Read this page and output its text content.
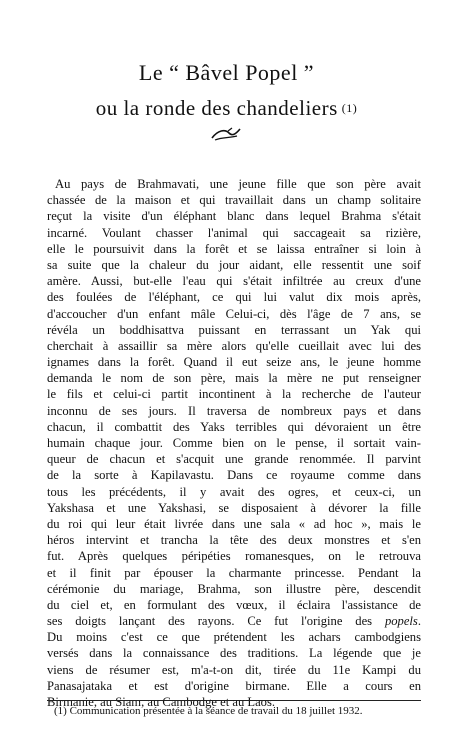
Le “ Bâvel Popel ”
ou la ronde des chandeliers (1)
Au pays de Brahmavati, une jeune fille que son père avait
chassée de la maison et qui travaillait dans un champ solitaire
reçut la visite d'un éléphant blanc dans lequel Brahma s'était
incarné. Voulant chasser l'animal qui saccageait sa rizière,
elle le poursuivit dans la forêt et se laissa entraîner si loin à
sa suite que la chaleur du jour aidant, elle ressentit une soif
amère. Aussi, but-elle l'eau qui s'était infiltrée au creux d'une
des foulées de l'éléphant, ce qui lui valut dix mois après,
d'accoucher d'un enfant mâle Celui-ci, dès l'âge de 7 ans, se
révéla un boddhisattva puissant en terrassant un Yak qui
cherchait à assaillir sa mère alors qu'elle cueillait avec lui des
ignames dans la forêt. Quand il eut seize ans, le jeune homme
demanda le nom de son père, mais la mère ne put renseigner
le fils et celui-ci partit incontinent à la recherche de l'auteur
inconnu de ses jours. Il traversa de nombreux pays et dans
chacun, il combattit des Yaks terribles qui dévoraient un être
humain chaque jour. Comme bien on le pense, il sortait vain-
queur de chacun et s'acquit une grande renommée. Il parvint
de la sorte à Kapilavastu. Dans ce royaume comme dans
tous les précédents, il y avait des ogres, et ceux-ci, un
Yakshasa et une Yakshasi, se disposaient à dévorer la fille
du roi qui leur était livrée dans une sala « ad hoc », mais le
héros intervint et trancha la tête des deux monstres et s'en
fut. Après quelques péripéties romanesques, on le retrouva
et il finit par épouser la charmante princesse. Pendant la
cérémonie du mariage, Brahma, son illustre père, descendit
du ciel et, en formulant des vœux, il éclaira l'assistance de
ses doigts lançant des rayons. Ce fut l'origine des popels.
Du moins c'est ce que prétendent les achars cambodgiens
versés dans la connaissance des traditions. La légende que je
viens de résumer est, m'a-t-on dit, tirée du 11e Kampi du
Panasajataka et est d'origine birmane. Elle a cours en
Birmanie, au Siam, au Cambodge et au Laos.
(1) Communication présentée à la séance de travail du 18 juillet 1932.
